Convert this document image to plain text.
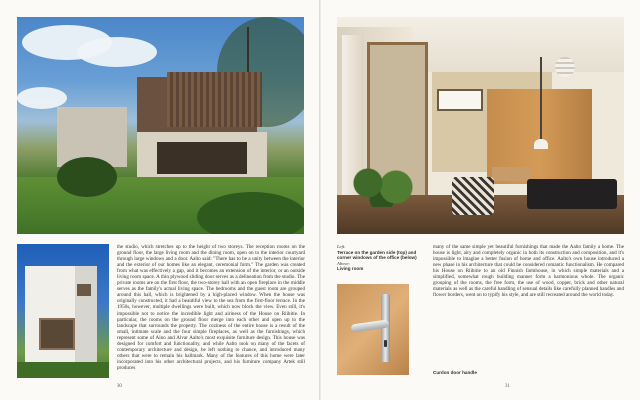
the studio, which stretches up to the height of two storeys. The reception rooms on the ground floor, the large living room and the dining room, open on to the interior courtyard through large windows and a door. Aalto said: "There has to be a unity between the interior and the exterior of our homes like an elegant, ceremonial form." The garden was created from what was effectively a gap, and it becomes an extension of the interior, or an outside living room space. A thin plywood sliding door serves as a delineation from the studio. The private rooms are on the first floor, the two-storey hall with an open fireplace in the middle serves as the family's actual living space. The bedrooms and the guest room are grouped around this hall, which is brightened by a high-placed window. When the house was originally constructed, it had a beautiful view to the sea from the first-floor terrace. In the 1950s, however, multiple dwellings were built, which now block the view. Even still, it's impossible not to notice the incredible light and airiness of the House on Riihitie. In particular, the rooms on the ground floor merge into each other and open up to the landscape that surrounds the property. The coziness of the entire house is a result of the small, intimate scale and the four simple fireplaces, as well as the furnishings, which represent some of Aino and Alvar Aalto's most exquisite furniture design. This house was designed for comfort and functionality, and while Aalto took on many of the facets of contemporary architecture and design, he left nothing to chance, and introduced many others that were to remain his hallmark. Many of the features of this home were later incorporated into his other architectural projects, and his furniture company Artek still produces

30
Left:
Terrace on the garden side (top) and corner windows of the office (below)
Above:
Living room

many of the same simple yet beautiful furnishings that made the Aalto family a home. The house is light, airy and completely organic in both its construction and composition, and it's impossible to imagine a better fusion of home and office. Aalto's own house introduced a new phase in his architecture that could be considered romantic functionalism. He compared his House on Riihitie to an old Finnish farmhouse, in which simple materials and a simplified, somewhat rough building manner form a harmonious whole. The organic grouping of the rooms, the free form, the use of wood, copper, brick and other natural materials as well as the careful handling of sensual details like carefully planned handles and flower borders, went on to typify his style, and are still recreated around the world today.

Curdon door handle
31
